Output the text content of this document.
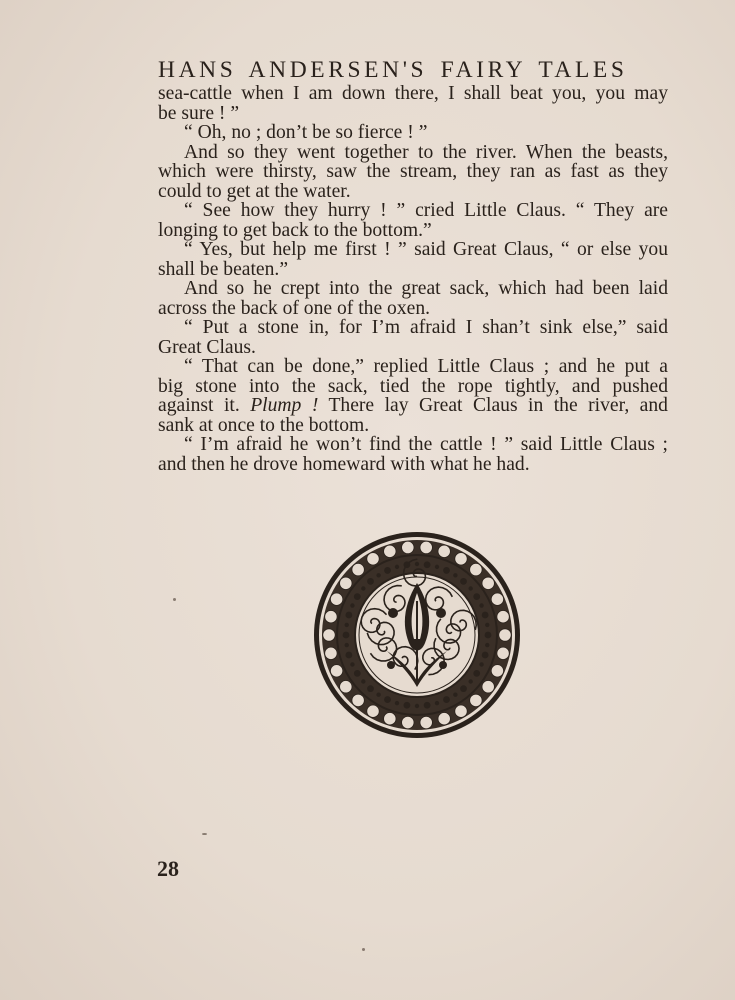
HANS ANDERSEN'S FAIRY TALES
sea-cattle when I am down there, I shall beat you, you may
be sure ! ”
“ Oh, no ; don’t be so fierce ! ”
And so they went together to the river. When the beasts,
which were thirsty, saw the stream, they ran as fast as they
could to get at the water.
“ See how they hurry ! ” cried Little Claus. “ They are
longing to get back to the bottom.”
“ Yes, but help me first ! ” said Great Claus, “ or else you
shall be beaten.”
And so he crept into the great sack, which had been laid
across the back of one of the oxen.
“ Put a stone in, for I’m afraid I shan’t sink else,” said
Great Claus.
“ That can be done,” replied Little Claus ; and he put a
big stone into the sack, tied the rope tightly, and pushed
against it. Plump ! There lay Great Claus in the river, and
sank at once to the bottom.
“ I’m afraid he won’t find the cattle ! ” said Little Claus ;
and then he drove homeward with what he had.
28
